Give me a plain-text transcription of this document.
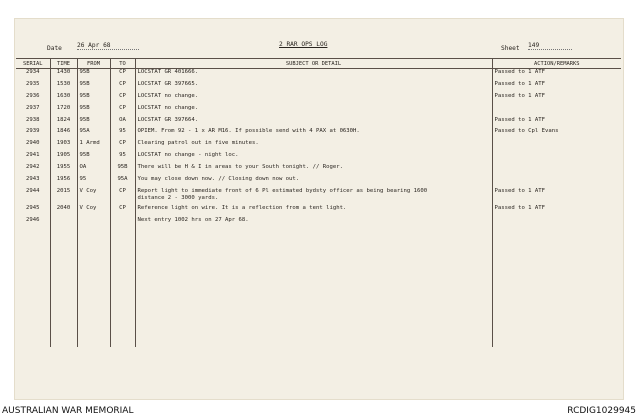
Date 26 Apr 68	2 RAR OPS LOG
Sheet 149
SERIAL	TIME	FROM	TO	SUBJECT OR DETAIL	ACTION/REMARKS
2934	1430	95B	CP	LOCSTAT GR 401666.	Passed to 1 ATF
2935	1530	95B	CP	LOCSTAT GR 397665.	Passed to 1 ATF
2936	1630	95B	CP	LOCSTAT no change.	Passed to 1 ATF
2937	1720	95B	CP	LOCSTAT no change.	
2938	1824	95B	OA	LOCSTAT GR 397664.	Passed to 1 ATF
2939	1846	95A	95	OPIEM. From 92 - 1 x AR M16. If possible send with 4 PAX at 0630H.	Passed to Cpl Evans
2940	1903	1 Armd	CP	Clearing patrol out in five minutes.	
2941	1905	95B	95	LOCSTAT no change - night loc.	
2942	1955	OA	95B	There will be H & I in areas to your South tonight. // Roger.	
2943	1956	95	95A	You may close down now. // Closing down now out.	
2944	2015	V Coy	CP	Report light to immediate front of 6 Pl estimated bydsty officer as being bearing 1600
distance 2 - 3000 yards.	Passed to 1 ATF
2945	2040	V Coy	CP	Reference light on wire. It is a reflection from a tent light.	Passed to 1 ATF
2946				Next entry 1002 hrs on 27 Apr 68.	

AUSTRALIAN WAR MEMORIAL	RCDIG1029945
